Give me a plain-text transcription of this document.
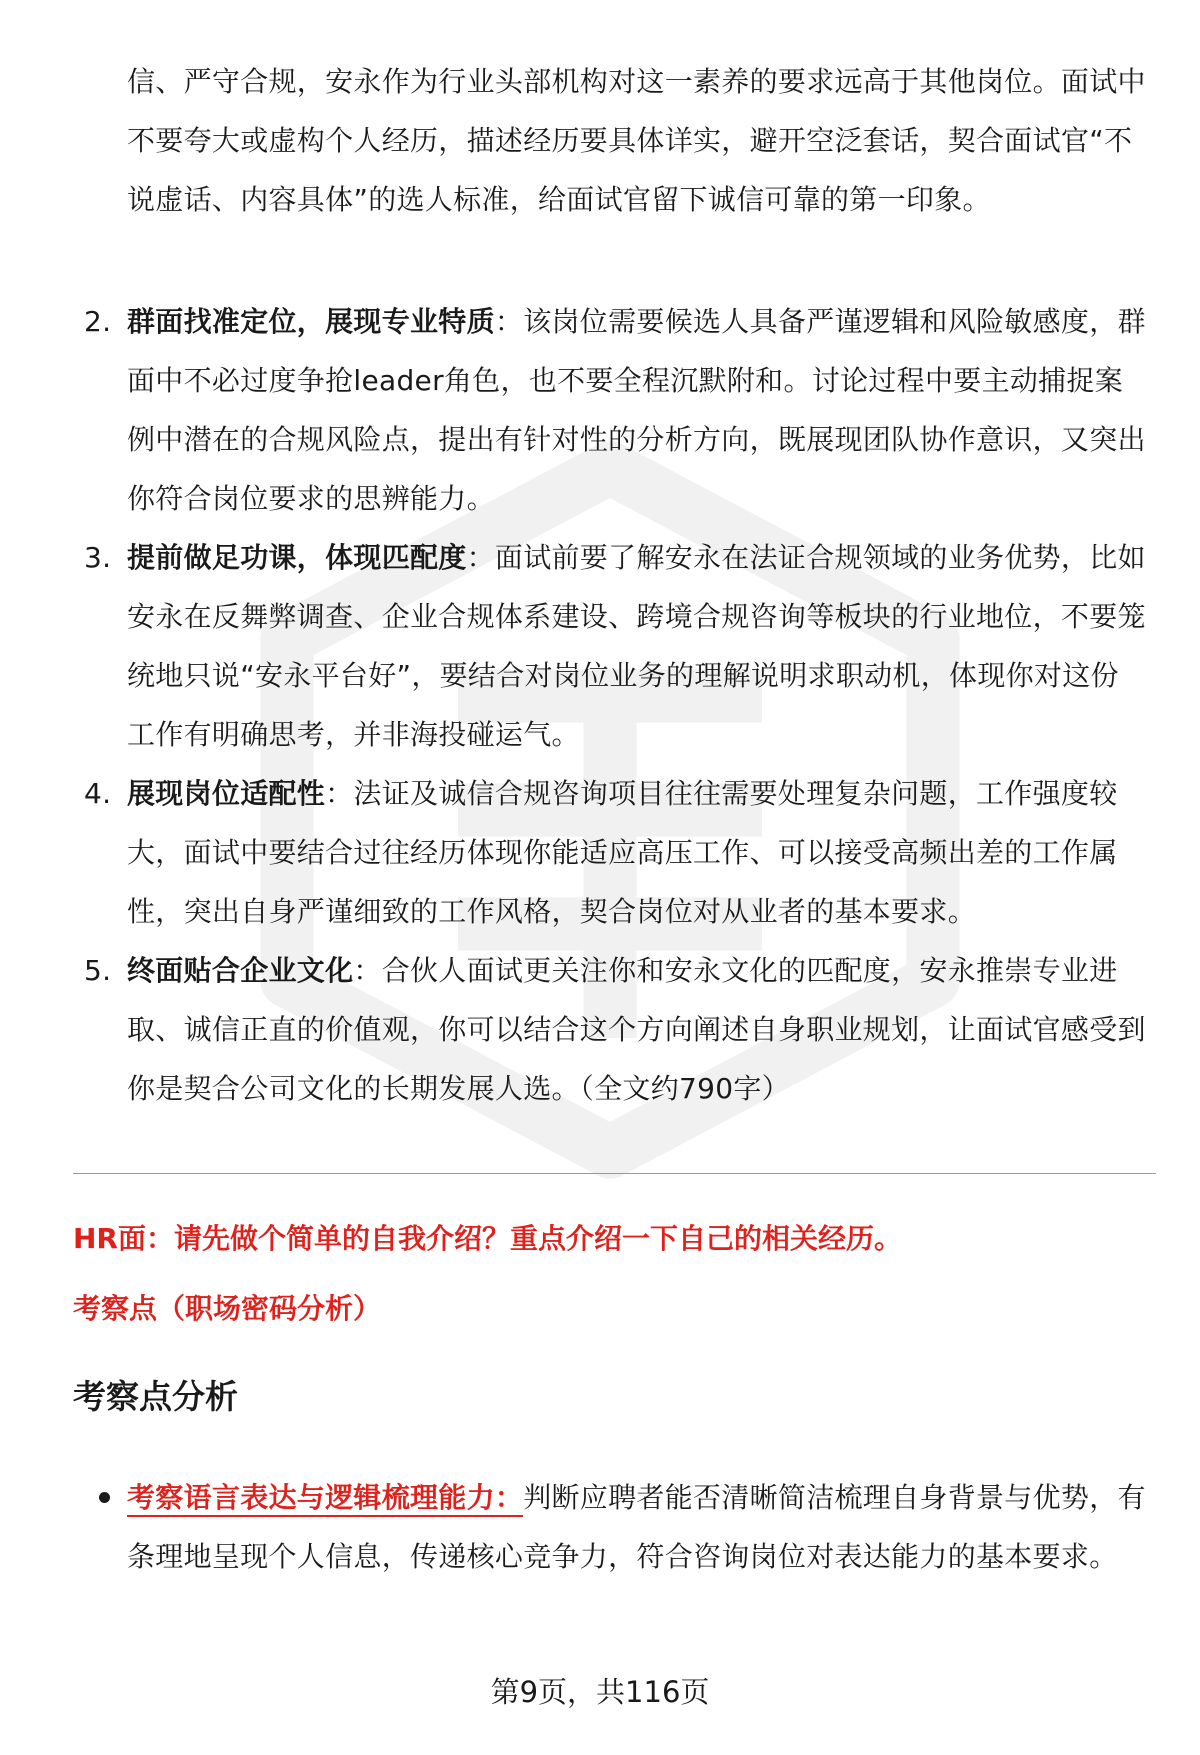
信、严守合规，安永作为行业头部机构对这一素养的要求远高于其他岗位。面试中不要夸大或虚构个人经历，描述经历要具体详实，避开空泛套话，契合面试官“不说虚话、内容具体”的选人标准，给面试官留下诚信可靠的第一印象。

2. 群面找准定位，展现专业特质：该岗位需要候选人具备严谨逻辑和风险敏感度，群面中不必过度争抢leader角色，也不要全程沉默附和。讨论过程中要主动捕捉案例中潜在的合规风险点，提出有针对性的分析方向，既展现团队协作意识，又突出你符合岗位要求的思辨能力。
3. 提前做足功课，体现匹配度：面试前要了解安永在法证合规领域的业务优势，比如安永在反舞弊调查、企业合规体系建设、跨境合规咨询等板块的行业地位，不要笼统地只说“安永平台好”，要结合对岗位业务的理解说明求职动机，体现你对这份工作有明确思考，并非海投碰运气。
4. 展现岗位适配性：法证及诚信合规咨询项目往往需要处理复杂问题，工作强度较大，面试中要结合过往经历体现你能适应高压工作、可以接受高频出差的工作属性，突出自身严谨细致的工作风格，契合岗位对从业者的基本要求。
5. 终面贴合企业文化：合伙人面试更关注你和安永文化的匹配度，安永推崇专业进取、诚信正直的价值观，你可以结合这个方向阐述自身职业规划，让面试官感受到你是契合公司文化的长期发展人选。（全文约790字）

HR面：请先做个简单的自我介绍？重点介绍一下自己的相关经历。

考察点（职场密码分析）

考察点分析
考察语言表达与逻辑梳理能力：判断应聘者能否清晰简洁梳理自身背景与优势，有条理地呈现个人信息，传递核心竞争力，符合咨询岗位对表达能力的基本要求。
第9页，共116页
